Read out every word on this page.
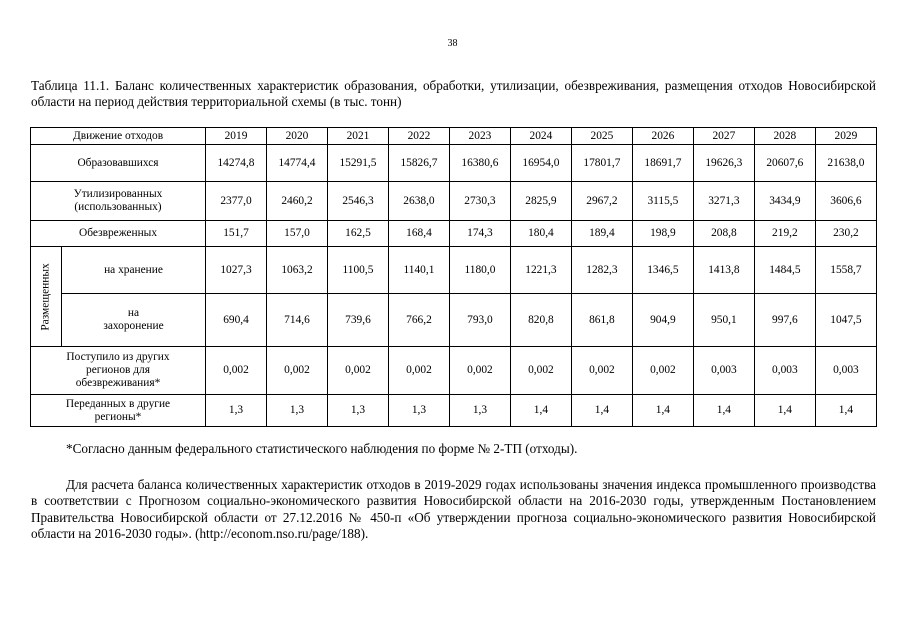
38
Таблица 11.1. Баланс количественных характеристик образования, обработки, утилизации, обезвреживания, размещения отходов Новосибирской области на период действия территориальной схемы (в тыс. тонн)
Движение отходов		2019	2020	2021	2022	2023	2024	2025	2026	2027	2028	2029
Образовавшихся		14274,8	14774,4	15291,5	15826,7	16380,6	16954,0	17801,7	18691,7	19626,3	20607,6	21638,0
Утилизированных (использованных)		2377,0	2460,2	2546,3	2638,0	2730,3	2825,9	2967,2	3115,5	3271,3	3434,9	3606,6
Обезвреженных		151,7	157,0	162,5	168,4	174,3	180,4	189,4	198,9	208,8	219,2	230,2

Размещенных	на хранение	1027,3	1063,2	1100,5	1140,1	1180,0	1221,3	1282,3	1346,5	1413,8	1484,5	1558,7
	на захоронение	690,4	714,6	739,6	766,2	793,0	820,8	861,8	904,9	950,1	997,6	1047,5
Поступило из других регионов для обезвреживания*		0,002	0,002	0,002	0,002	0,002	0,002	0,002	0,002	0,003	0,003	0,003
Переданных в другие регионы*		1,3	1,3	1,3	1,3	1,3	1,4	1,4	1,4	1,4	1,4	1,4
*Согласно данным федерального статистического наблюдения по форме № 2-ТП (отходы).
Для расчета баланса количественных характеристик отходов в 2019-2029 годах использованы значения индекса промышленного производства в соответствии с Прогнозом социально-экономического развития Новосибирской области на 2016-2030 годы, утвержденным Постановлением Правительства Новосибирской области от 27.12.2016 № 450-п «Об утверждении прогноза социально-экономического развития Новосибирской области на 2016-2030 годы». (http://econom.nso.ru/page/188).
